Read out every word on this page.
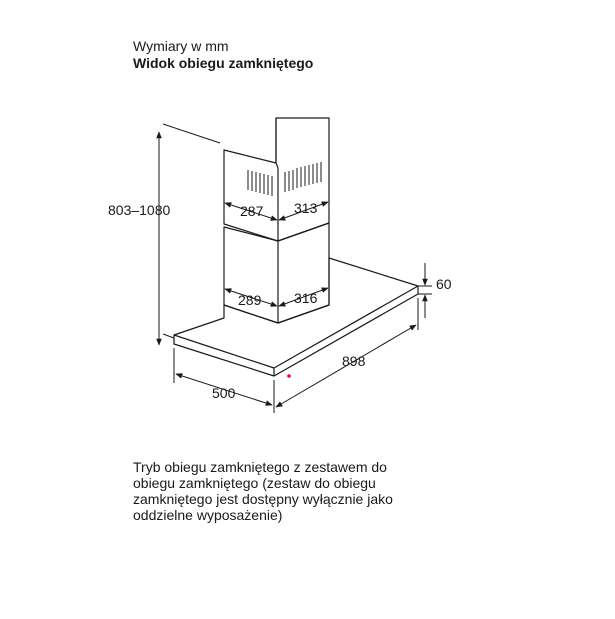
Wymiary w mm
Widok obiegu zamkniętego
803–1080	287 313
289 316
60
898
500
Tryb obiegu zamkniętego z zestawem do
obiegu zamkniętego (zestaw do obiegu
zamkniętego jest dostępny wyłącznie jako
oddzielne wyposażenie)
